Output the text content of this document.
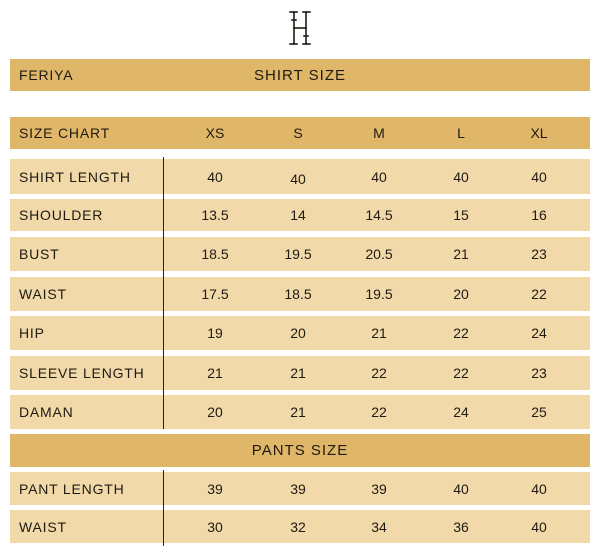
FERIYA	SHIRT SIZE
SIZE CHART	XS	S	M	L	XL
SHIRT LENGTH	40	40	40	40	40
SHOULDER	13.5	14	14.5	15	16
BUST	18.5	19.5	20.5	21	23
WAIST	17.5	18.5	19.5	20	22
HIP	19	20	21	22	24
SLEEVE LENGTH	21	21	22	22	23
DAMAN	20	21	22	24	25
PANTS SIZE
PANT LENGTH	39	39	39	40	40
WAIST	30	32	34	36	40
